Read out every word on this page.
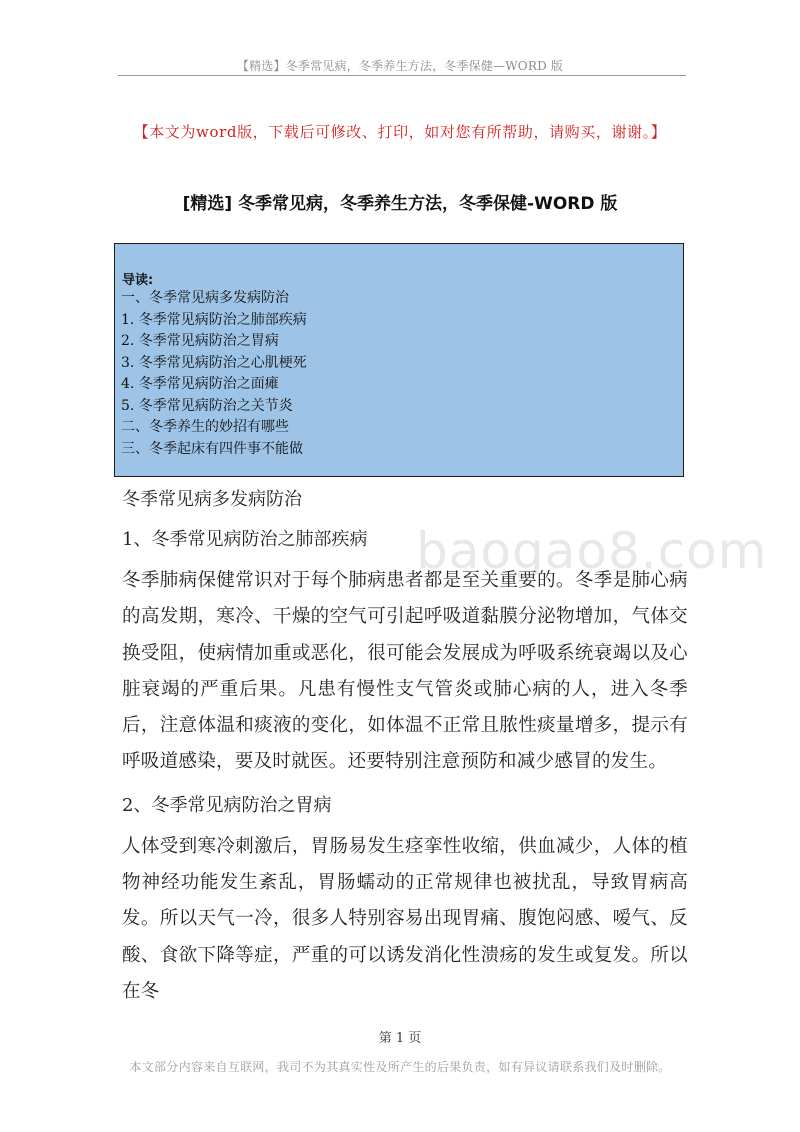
【精选】冬季常见病，冬季养生方法，冬季保健—WORD 版
【本文为word版，下载后可修改、打印，如对您有所帮助，请购买，谢谢。】
[精选] 冬季常见病，冬季养生方法，冬季保健-WORD 版
导读:
一、冬季常见病多发病防治
1. 冬季常见病防治之肺部疾病
2. 冬季常见病防治之胃病
3. 冬季常见病防治之心肌梗死
4. 冬季常见病防治之面瘫
5. 冬季常见病防治之关节炎
二、冬季养生的妙招有哪些
三、冬季起床有四件事不能做

冬季常见病多发病防治

1、冬季常见病防治之肺部疾病

冬季肺病保健常识对于每个肺病患者都是至关重要的。冬季是肺心病的高发期，寒冷、干燥的空气可引起呼吸道黏膜分泌物增加，气体交换受阻，使病情加重或恶化，很可能会发展成为呼吸系统衰竭以及心脏衰竭的严重后果。凡患有慢性支气管炎或肺心病的人，进入冬季后，注意体温和痰液的变化，如体温不正常且脓性痰量增多，提示有呼吸道感染，要及时就医。还要特别注意预防和减少感冒的发生。

2、冬季常见病防治之胃病

人体受到寒冷刺激后，胃肠易发生痉挛性收缩，供血减少，人体的植物神经功能发生紊乱，胃肠蠕动的正常规律也被扰乱，导致胃病高发。所以天气一冷，很多人特别容易出现胃痛、腹饱闷感、嗳气、反酸、食欲下降等症，严重的可以诱发消化性溃疡的发生或复发。所以在冬

baogao8.com
第 1 页
本文部分内容来自互联网，我司不为其真实性及所产生的后果负责，如有异议请联系我们及时删除。
